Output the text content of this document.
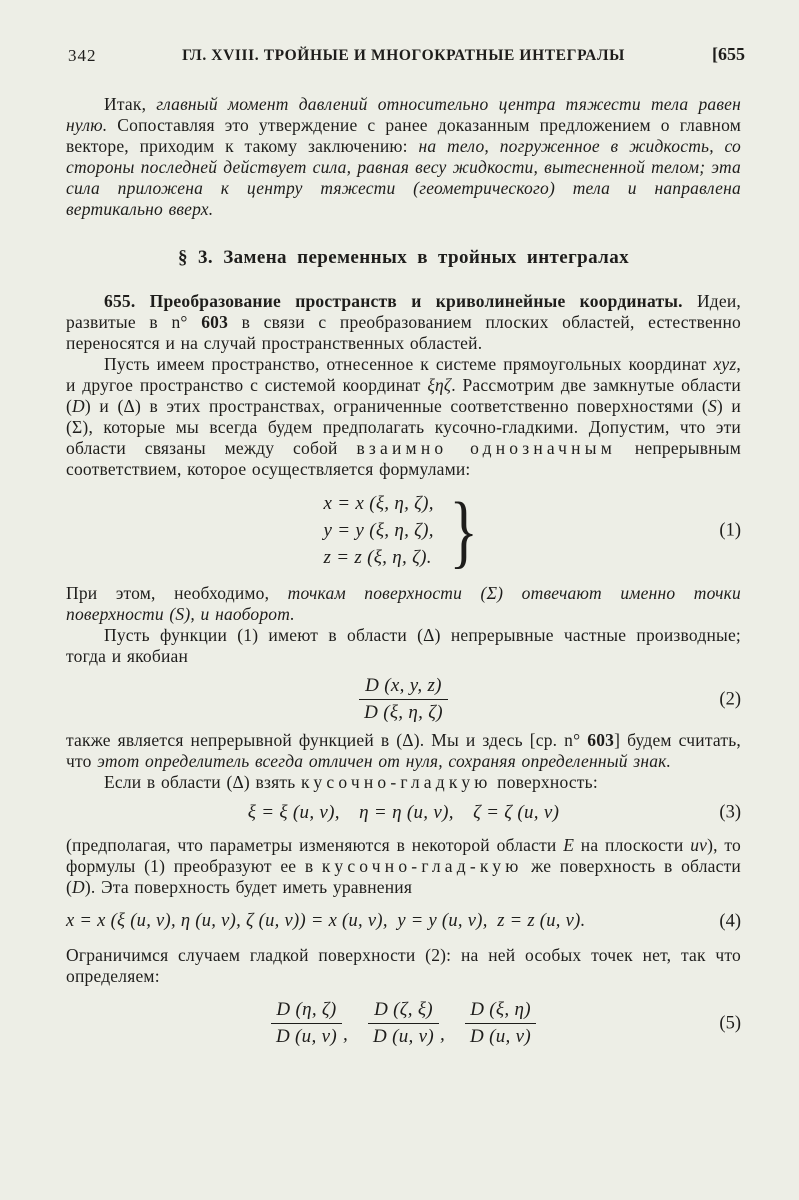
342	ГЛ. XVIII. ТРОЙНЫЕ И МНОГОКРАТНЫЕ ИНТЕГРАЛЫ	[655

Итак, главный момент давлений относительно центра тяжести тела равен нулю. Сопоставляя это утверждение с ранее доказанным предложением о главном векторе, приходим к такому заключению: на тело, погруженное в жидкость, со стороны последней действует сила, равная весу жидкости, вытесненной телом; эта сила приложена к центру тяжести (геометрического) тела и направлена вертикально вверх.

§ 3. Замена переменных в тройных интегралах

655. Преобразование пространств и криволинейные координаты. Идеи, развитые в n° 603 в связи с преобразованием плоских областей, естественно переносятся и на случай пространственных областей.

Пусть имеем пространство, отнесенное к системе прямоугольных координат xyz, и другое пространство с системой координат ξηζ. Рассмотрим две замкнутые области (D) и (Δ) в этих пространствах, ограниченные соответственно поверхностями (S) и (Σ), которые мы всегда будем предполагать кусочно-гладкими. Допустим, что эти области связаны между собой взаимно однозначным непрерывным соответствием, которое осуществляется формулами:

x = x (ξ, η, ζ),
y = y (ξ, η, ζ),
z = z (ξ, η, ζ). }	(1)

При этом, необходимо, точкам поверхности (Σ) отвечают именно точки поверхности (S), и наоборот.

Пусть функции (1) имеют в области (Δ) непрерывные частные производные; тогда и якобиан

$\frac{D (x, y, z)}{D (\xi, \eta, \zeta)}$	(2)

также является непрерывной функцией в (Δ). Мы и здесь [ср. n° 603] будем считать, что этот определитель всегда отличен от нуля, сохраняя определенный знак.

Если в области (Δ) взять кусочно-гладкую поверхность:

ξ = ξ (u, v), η = η (u, v), ζ = ζ (u, v)	(3)

(предполагая, что параметры изменяются в некоторой области E на плоскости uv), то формулы (1) преобразуют ее в кусочно-глад-кую же поверхность в области (D). Эта поверхность будет иметь уравнения

x = x (ξ (u, v), η (u, v), ζ (u, v)) = x (u, v), y = y (u, v), z = z (u, v).	(4)

Ограничимся случаем гладкой поверхности (2): на ней особых точек нет, так что определяем:

$\frac{D (\eta, \zeta)}{D (u, v)}$ , $\frac{D (\zeta, \xi)}{D (u, v)}$ , $\frac{D (\xi, \eta)}{D (u, v)}$	(5)
